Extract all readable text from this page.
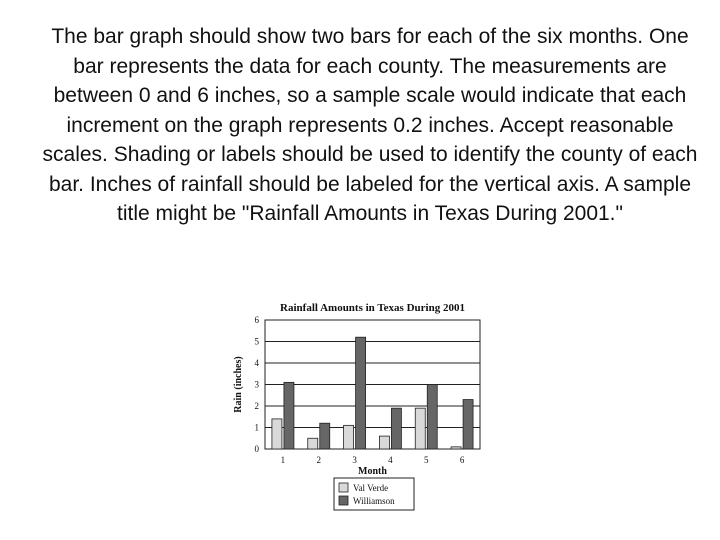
The bar graph should show two bars for each of the six months. One bar represents the data for each county. The measurements are between 0 and 6 inches, so a sample scale would indicate that each increment on the graph represents 0.2 inches. Accept reasonable scales. Shading or labels should be used to identify the county of each bar. Inches of rainfall should be labeled for the vertical axis. A sample title might be "Rainfall Amounts in Texas During 2001."

Rainfall Amounts in Texas During 2001
0
1
2
3
4
5
6
Rain (inches)
1	2	3	4	5	6
Month
Val Verde
Williamson
